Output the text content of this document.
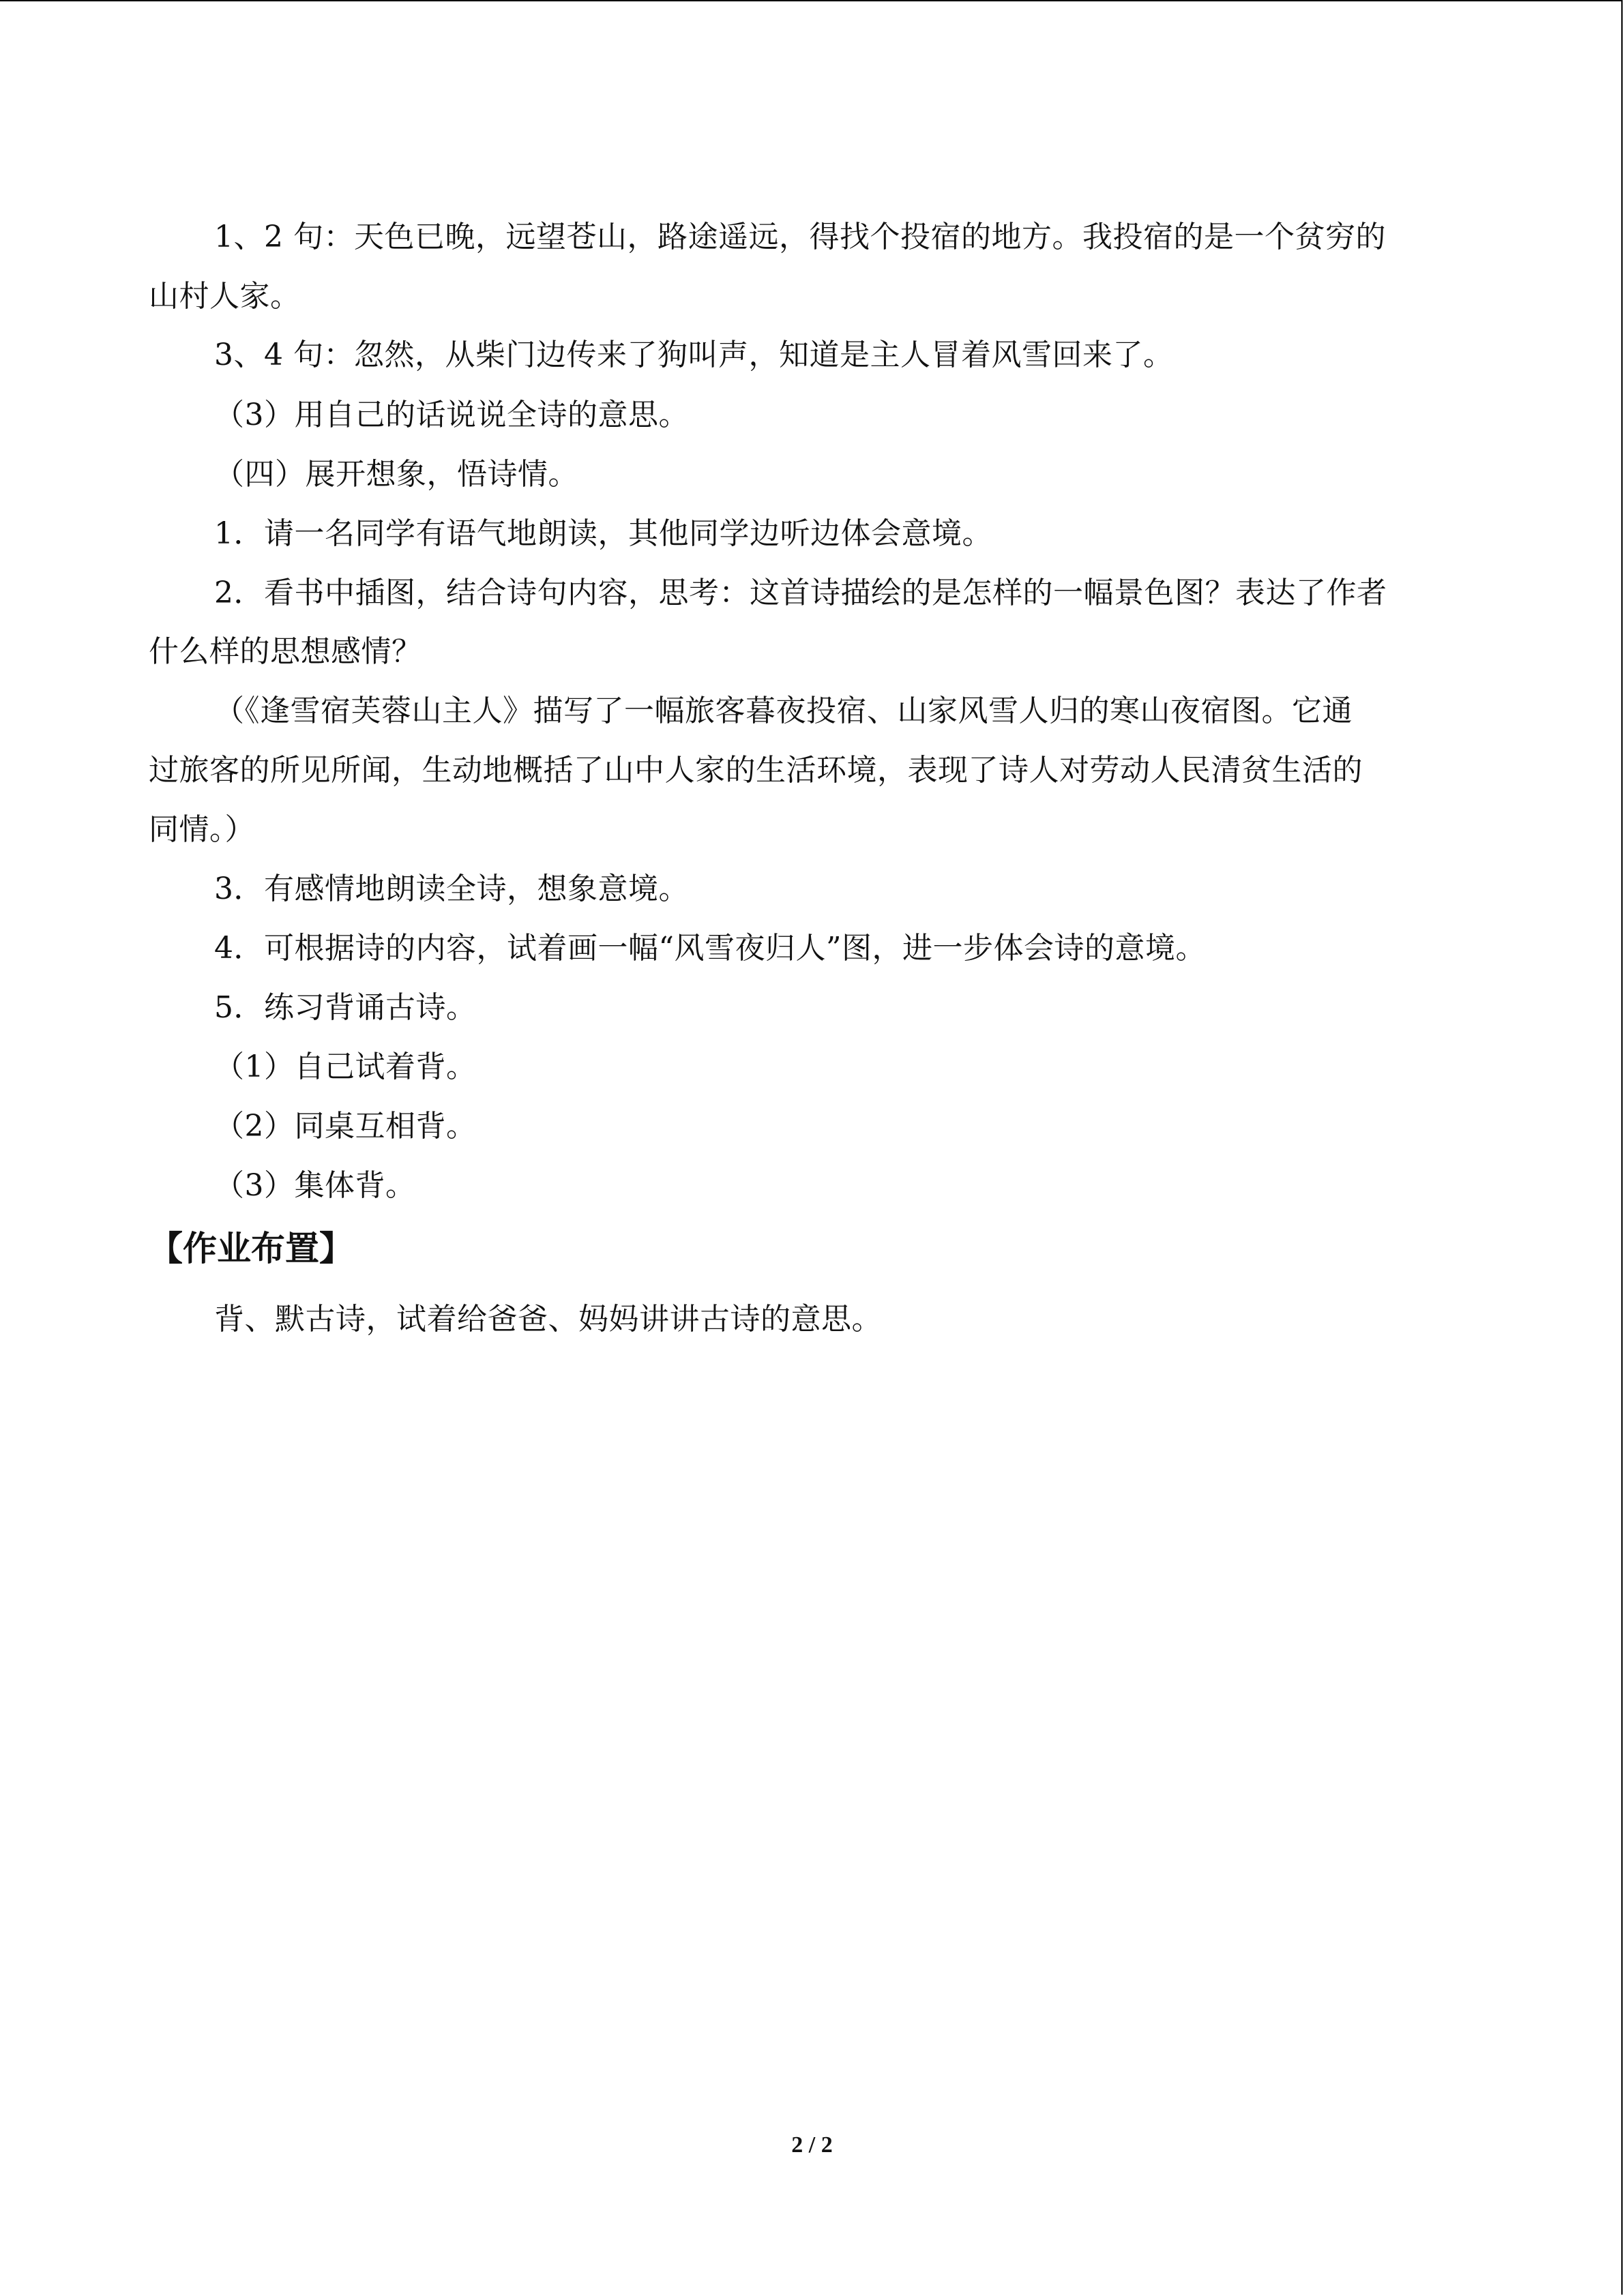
1、2 句：天色已晚，远望苍山，路途遥远，得找个投宿的地方。我投宿的是一个贫穷的
山村人家。
3、4 句：忽然，从柴门边传来了狗叫声，知道是主人冒着风雪回来了。
（3）用自己的话说说全诗的意思。
（四）展开想象，悟诗情。
1．请一名同学有语气地朗读，其他同学边听边体会意境。
2．看书中插图，结合诗句内容，思考：这首诗描绘的是怎样的一幅景色图？表达了作者
什么样的思想感情？
（《逢雪宿芙蓉山主人》描写了一幅旅客暮夜投宿、山家风雪人归的寒山夜宿图。它通
过旅客的所见所闻，生动地概括了山中人家的生活环境，表现了诗人对劳动人民清贫生活的
同情。）
3．有感情地朗读全诗，想象意境。
4．可根据诗的内容，试着画一幅“风雪夜归人”图，进一步体会诗的意境。
5．练习背诵古诗。
（1）自己试着背。
（2）同桌互相背。
（3）集体背。
【作业布置】
背、默古诗，试着给爸爸、妈妈讲讲古诗的意思。
2 / 2
